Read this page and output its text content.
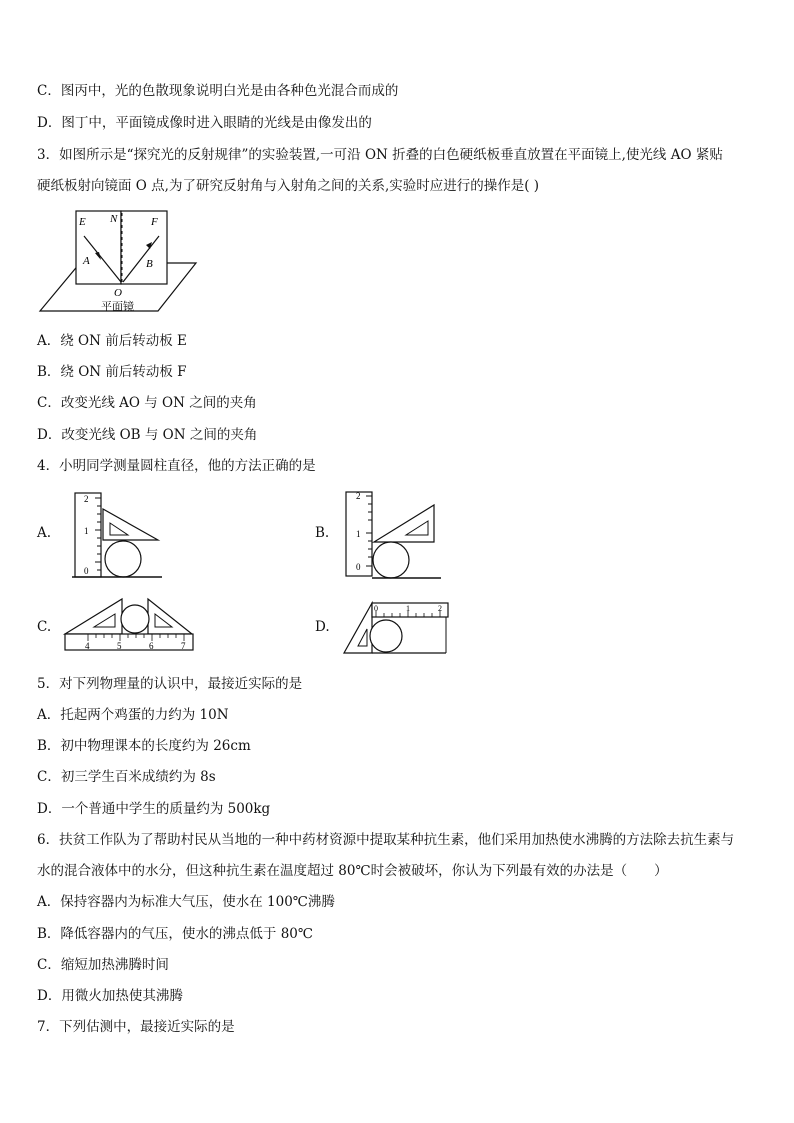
C．图丙中，光的色散现象说明白光是由各种色光混合而成的
D．图丁中，平面镜成像时进入眼睛的光线是由像发出的
3．如图所示是“探究光的反射规律”的实验装置,一可沿 ON 折叠的白色硬纸板垂直放置在平面镜上,使光线 AO 紧贴
硬纸板射向镜面 O 点,为了研究反射角与入射角之间的关系,实验时应进行的操作是( )
E N	F
A	B
O
平面镜
A．绕 ON 前后转动板 E
B．绕 ON 前后转动板 F
C．改变光线 AO 与 ON 之间的夹角
D．改变光线 OB 与 ON 之间的夹角
4．小明同学测量圆柱直径，他的方法正确的是
A.
2
1
0
B.
2
1
0
C.
4	5	6	7
D.
0	1	2
5．对下列物理量的认识中，最接近实际的是
A．托起两个鸡蛋的力约为 10N
B．初中物理课本的长度约为 26cm
C．初三学生百米成绩约为 8s
D．一个普通中学生的质量约为 500kg
6．扶贫工作队为了帮助村民从当地的一种中药材资源中提取某种抗生素，他们采用加热使水沸腾的方法除去抗生素与
水的混合液体中的水分，但这种抗生素在温度超过 80℃时会被破坏，你认为下列最有效的办法是（　　）
A．保持容器内为标准大气压，使水在 100℃沸腾
B．降低容器内的气压，使水的沸点低于 80℃
C．缩短加热沸腾时间
D．用微火加热使其沸腾
7．下列估测中，最接近实际的是
